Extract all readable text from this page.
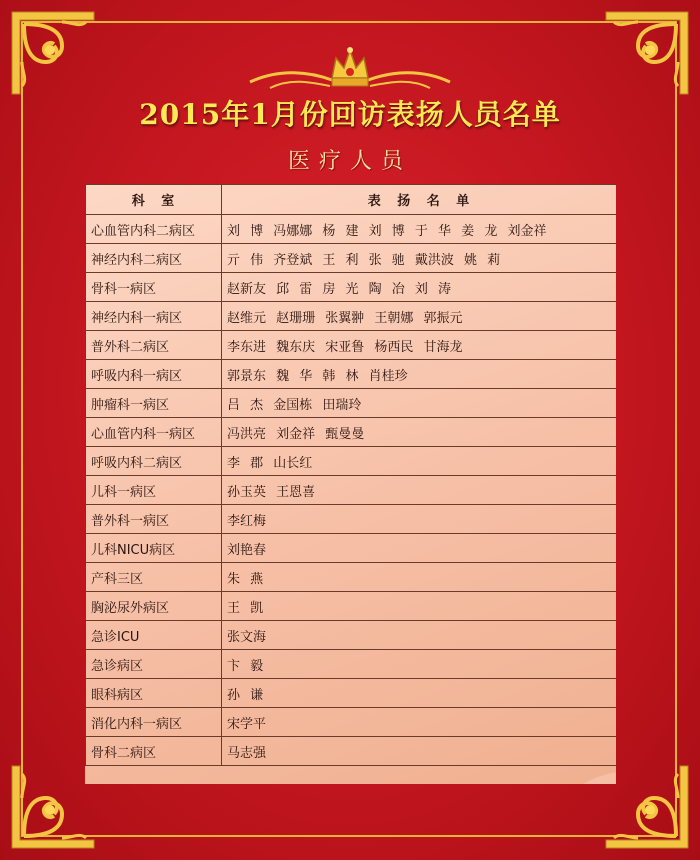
2015年1月份回访表扬人员名单
医疗人员
科 室	表 扬 名 单
心血管内科二病区	刘 博 冯娜娜 杨 建 刘 博 于 华 姜 龙 刘金祥
神经内科二病区	亓 伟 齐登斌 王 利 张 驰 戴洪波 姚 莉
骨科一病区	赵新友 邱 雷 房 光 陶 冶 刘 涛
神经内科一病区	赵维元 赵珊珊 张翼翀 王朝娜 郭振元
普外科二病区	李东进 魏东庆 宋亚鲁 杨西民 甘海龙
呼吸内科一病区	郭景东 魏 华 韩 林 肖桂珍
肿瘤科一病区	吕 杰 金国栋 田瑞玲
心血管内科一病区	冯洪亮 刘金祥 甄曼曼
呼吸内科二病区	李 郡 山长红
儿科一病区	孙玉英 王恩喜
普外科一病区	李红梅
儿科NICU病区	刘艳春
产科三区	朱 燕
胸泌尿外病区	王 凯
急诊ICU	张文海
急诊病区	卞 毅
眼科病区	孙 谦
消化内科一病区	宋学平
骨科二病区	马志强
